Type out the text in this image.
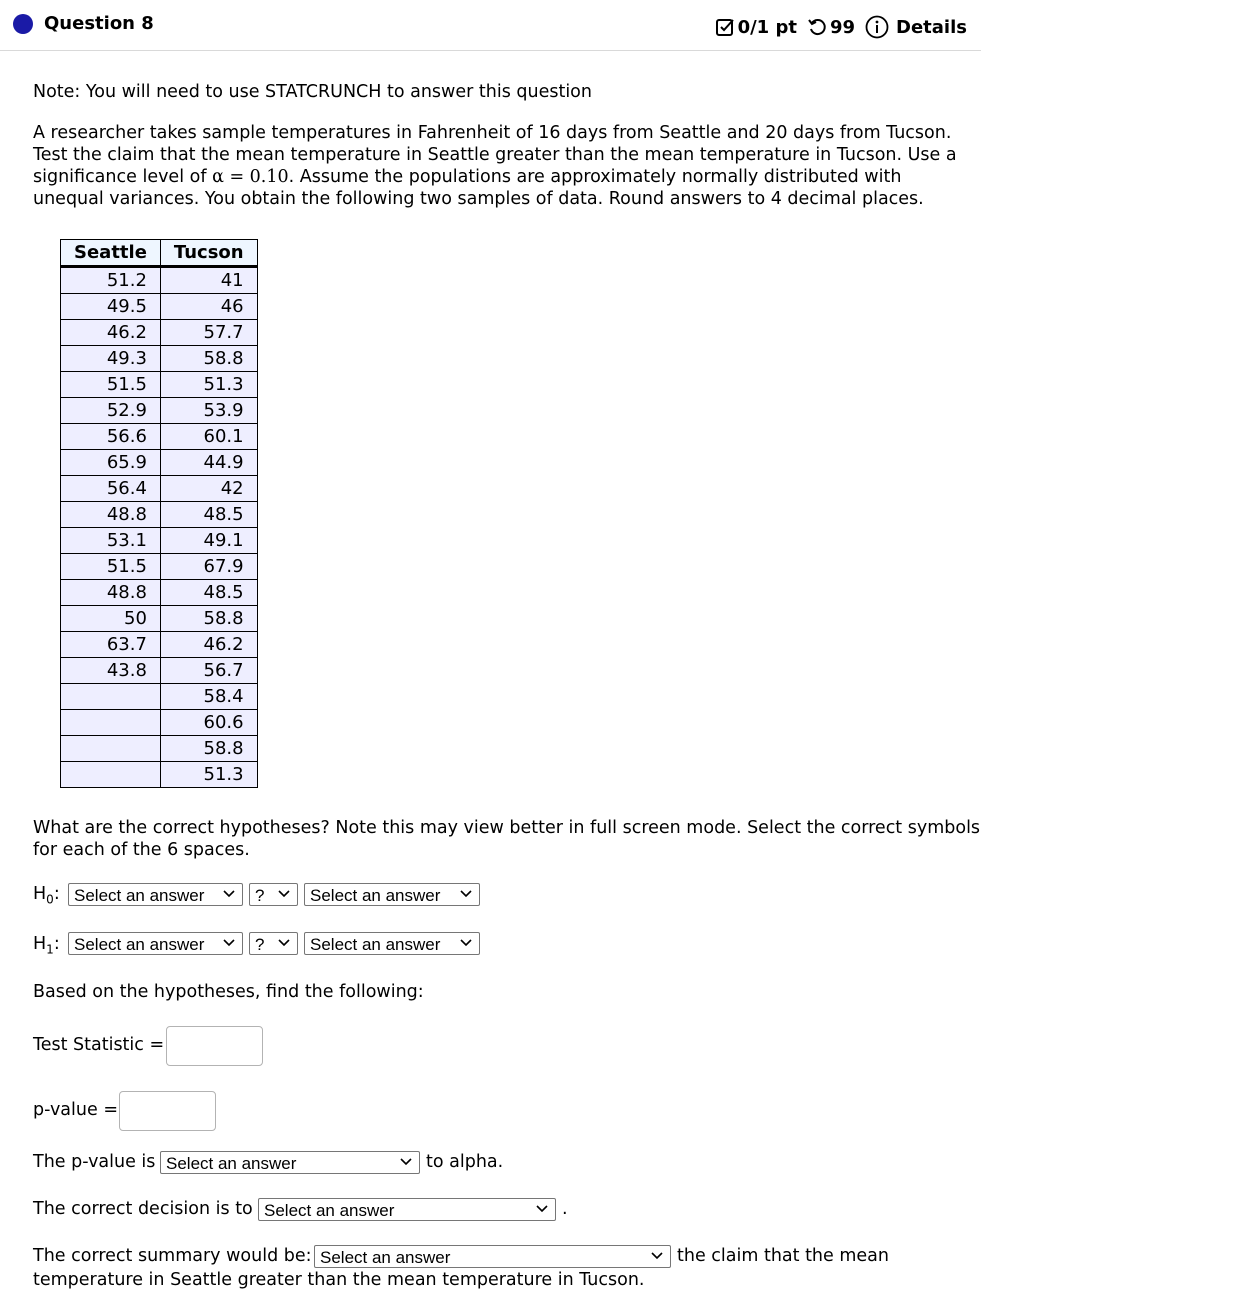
Question 8	0/1 pt 99 Details
Note: You will need to use STATCRUNCH to answer this question
A researcher takes sample temperatures in Fahrenheit of 16 days from Seattle and 20 days from Tucson.
Test the claim that the mean temperature in Seattle greater than the mean temperature in Tucson. Use a
significance level of α = 0.10. Assume the populations are approximately normally distributed with
unequal variances. You obtain the following two samples of data. Round answers to 4 decimal places.
Seattle	Tucson
51.2	41
49.5	46
46.2	57.7
49.3	58.8
51.5	51.3
52.9	53.9
56.6	60.1
65.9	44.9
56.4	42
48.8	48.5
53.1	49.1
51.5	67.9
48.8	48.5
50	58.8
63.7	46.2
43.8	56.7
	58.4
	60.6
	58.8
	51.3
What are the correct hypotheses? Note this may view better in full screen mode. Select the correct symbols
for each of the 6 spaces.
$H_0$: Select an answer	?	Select an answer
$H_1$: Select an answer	?	Select an answer
Based on the hypotheses, find the following:
Test Statistic =
p-value =
The p-value is Select an answer	to alpha.
The correct decision is to Select an answer	.
The correct summary would be: Select an answer	the claim that the mean
temperature in Seattle greater than the mean temperature in Tucson.
